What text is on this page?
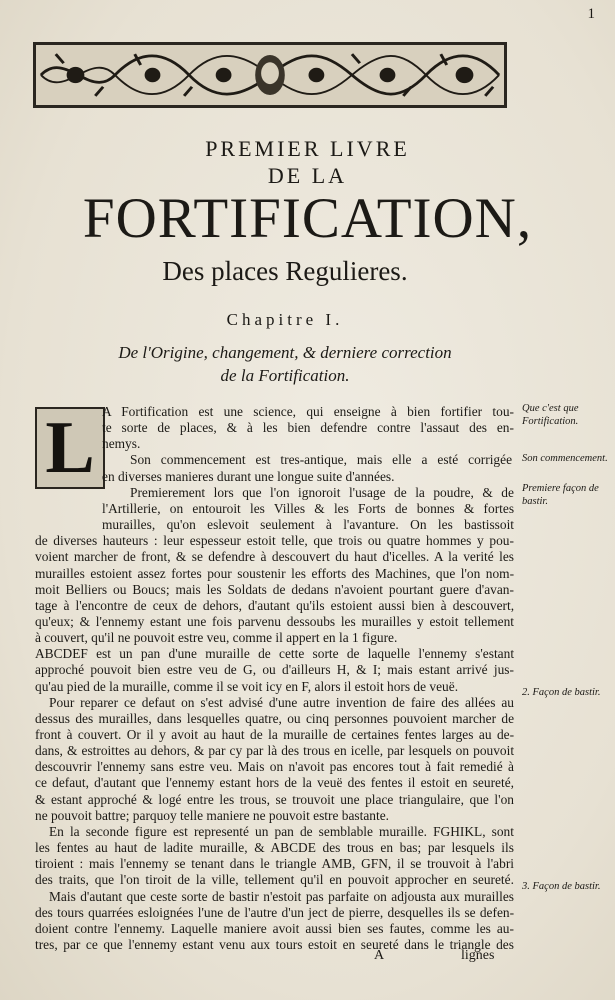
1
PREMIER LIVRE
DE LA
FORTIFICATION,
Des places Regulieres.
Chapitre I.
De l'Origine, changement, & derniere correction
de la Fortification.
L A Fortification est une science, qui enseigne à bien fortifier tou-
te sorte de places, & à les bien defendre contre l'assaut des en-
nemys.
Son commencement est tres-antique, mais elle a esté corrigée
en diverses manieres durant une longue suite d'années.
Premierement lors que l'on ignoroit l'usage de la poudre, & de
l'Artillerie, on entouroit les Villes & les Forts de bonnes & fortes
murailles, qu'on eslevoit seulement à l'avanture. On les bastissoit
de diverses hauteurs : leur espesseur estoit telle, que trois ou quatre hommes y pou-
voient marcher de front, & se defendre à descouvert du haut d'icelles. A la verité les
murailles estoient assez fortes pour soustenir les efforts des Machines, que l'on nom-
moit Belliers ou Boucs; mais les Soldats de dedans n'avoient pourtant guere d'avan-
tage à l'encontre de ceux de dehors, d'autant qu'ils estoient aussi bien à descouvert,
qu'eux; & l'ennemy estant une fois parvenu dessoubs les murailles y estoit tellement
à couvert, qu'il ne pouvoit estre veu, comme il appert en la 1 figure.
ABCDEF est un pan d'une muraille de cette sorte de laquelle l'ennemy s'estant
approché pouvoit bien estre veu de G, ou d'ailleurs H, & I; mais estant arrivé jus-
qu'au pied de la muraille, comme il se voit icy en F, alors il estoit hors de veuë.
Pour reparer ce defaut on s'est advisé d'une autre invention de faire des allées au
dessus des murailles, dans lesquelles quatre, ou cinq personnes pouvoient marcher de
front à couvert. Or il y avoit au haut de la muraille de certaines fentes larges au de-
dans, & estroittes au dehors, & par cy par là des trous en icelle, par lesquels on pouvoit
descouvrir l'ennemy sans estre veu. Mais on n'avoit pas encores tout à fait remedié à
ce defaut, d'autant que l'ennemy estant hors de la veuë des fentes il estoit en seureté,
& estant approché & logé entre les trous, se trouvoit une place triangulaire, que l'on
ne pouvoit battre; parquoy telle maniere ne pouvoit estre bastante.
En la seconde figure est representé un pan de semblable muraille. FGHIKL, sont
les fentes au haut de ladite muraille, & ABCDE des trous en bas; par lesquels ils
tiroient : mais l'ennemy se tenant dans le triangle AMB, GFN, il se trouvoit à l'abri
des traits, que l'on tiroit de la ville, tellement qu'il en pouvoit approcher en seureté.
Mais d'autant que ceste sorte de bastir n'estoit pas parfaite on adjousta aux murailles
des tours quarrées esloignées l'une de l'autre d'un ject de pierre, desquelles ils se defen-
doient contre l'ennemy. Laquelle maniere avoit aussi bien ses fautes, comme les au-
tres, par ce que l'ennemy estant venu aux tours estoit en seureté dans le triangle des
Que c'est que Fortification.
Son commencement.
Premiere façon de bastir.
2. Façon de bastir.
3. Façon de bastir.
A	lignes
